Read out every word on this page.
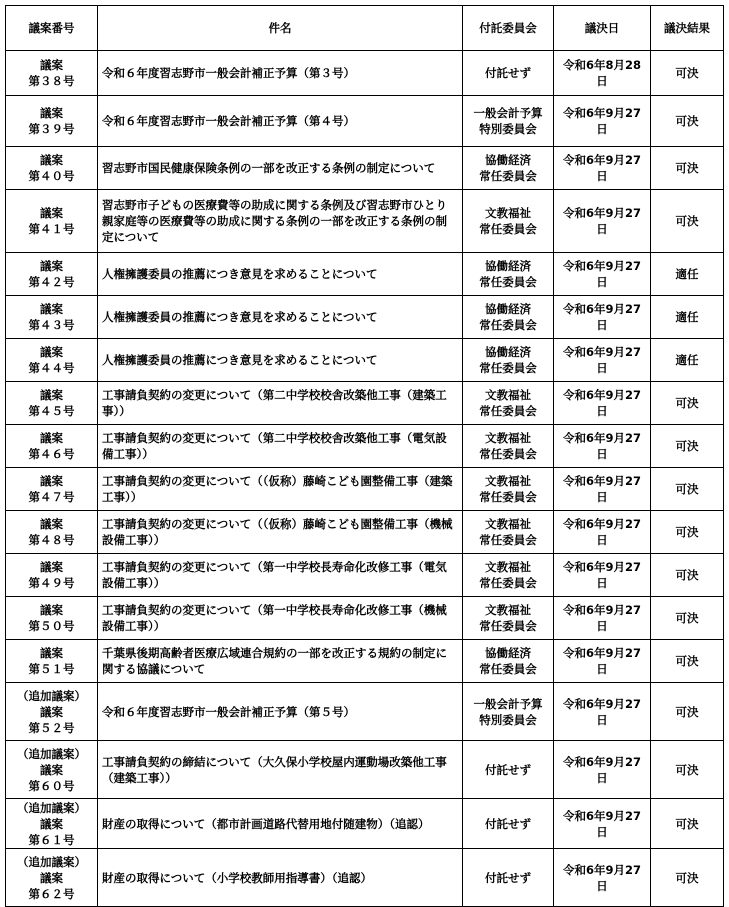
議案番号	件名	付託委員会	議決日	議決結果

議案
第３８号	令和６年度習志野市一般会計補正予算（第３号）	付託せず	令和6年8月28日	可決

議案
第３９号	令和６年度習志野市一般会計補正予算（第４号）	一般会計予算
特別委員会	令和6年9月27日	可決

議案
第４０号	習志野市国民健康保険条例の一部を改正する条例の制定について	協働経済
常任委員会	令和6年9月27日	可決

議案
第４１号	習志野市子どもの医療費等の助成に関する条例及び習志野市ひとり親家庭等の医療費等の助成に関する条例の一部を改正する条例の制定について	文教福祉
常任委員会	令和6年9月27日	可決

議案
第４２号	人権擁護委員の推薦につき意見を求めることについて	協働経済
常任委員会	令和6年9月27日	適任

議案
第４３号	人権擁護委員の推薦につき意見を求めることについて	協働経済
常任委員会	令和6年9月27日	適任

議案
第４４号	人権擁護委員の推薦につき意見を求めることについて	協働経済
常任委員会	令和6年9月27日	適任

議案
第４５号	工事請負契約の変更について（第二中学校校舎改築他工事（建築工事））	文教福祉
常任委員会	令和6年9月27日	可決

議案
第４６号	工事請負契約の変更について（第二中学校校舎改築他工事（電気設備工事））	文教福祉
常任委員会	令和6年9月27日	可決

議案
第４７号	工事請負契約の変更について（（仮称）藤崎こども園整備工事（建築工事））	文教福祉
常任委員会	令和6年9月27日	可決

議案
第４８号	工事請負契約の変更について（（仮称）藤崎こども園整備工事（機械設備工事））	文教福祉
常任委員会	令和6年9月27日	可決

議案
第４９号	工事請負契約の変更について（第一中学校長寿命化改修工事（電気設備工事））	文教福祉
常任委員会	令和6年9月27日	可決

議案
第５０号	工事請負契約の変更について（第一中学校長寿命化改修工事（機械設備工事））	文教福祉
常任委員会	令和6年9月27日	可決

議案
第５１号	千葉県後期高齢者医療広域連合規約の一部を改正する規約の制定に関する協議について	協働経済
常任委員会	令和6年9月27日	可決

（追加議案）
議案
第５２号	令和６年度習志野市一般会計補正予算（第５号）	一般会計予算
特別委員会	令和6年9月27日	可決

（追加議案）
議案
第６０号	工事請負契約の締結について（大久保小学校屋内運動場改築他工事（建築工事））	付託せず	令和6年9月27日	可決

（追加議案）
議案
第６１号	財産の取得について（都市計画道路代替用地付随建物）（追認）	付託せず	令和6年9月27日	可決

（追加議案）
議案
第６２号	財産の取得について（小学校教師用指導書）（追認）	付託せず	令和6年9月27日	可決
